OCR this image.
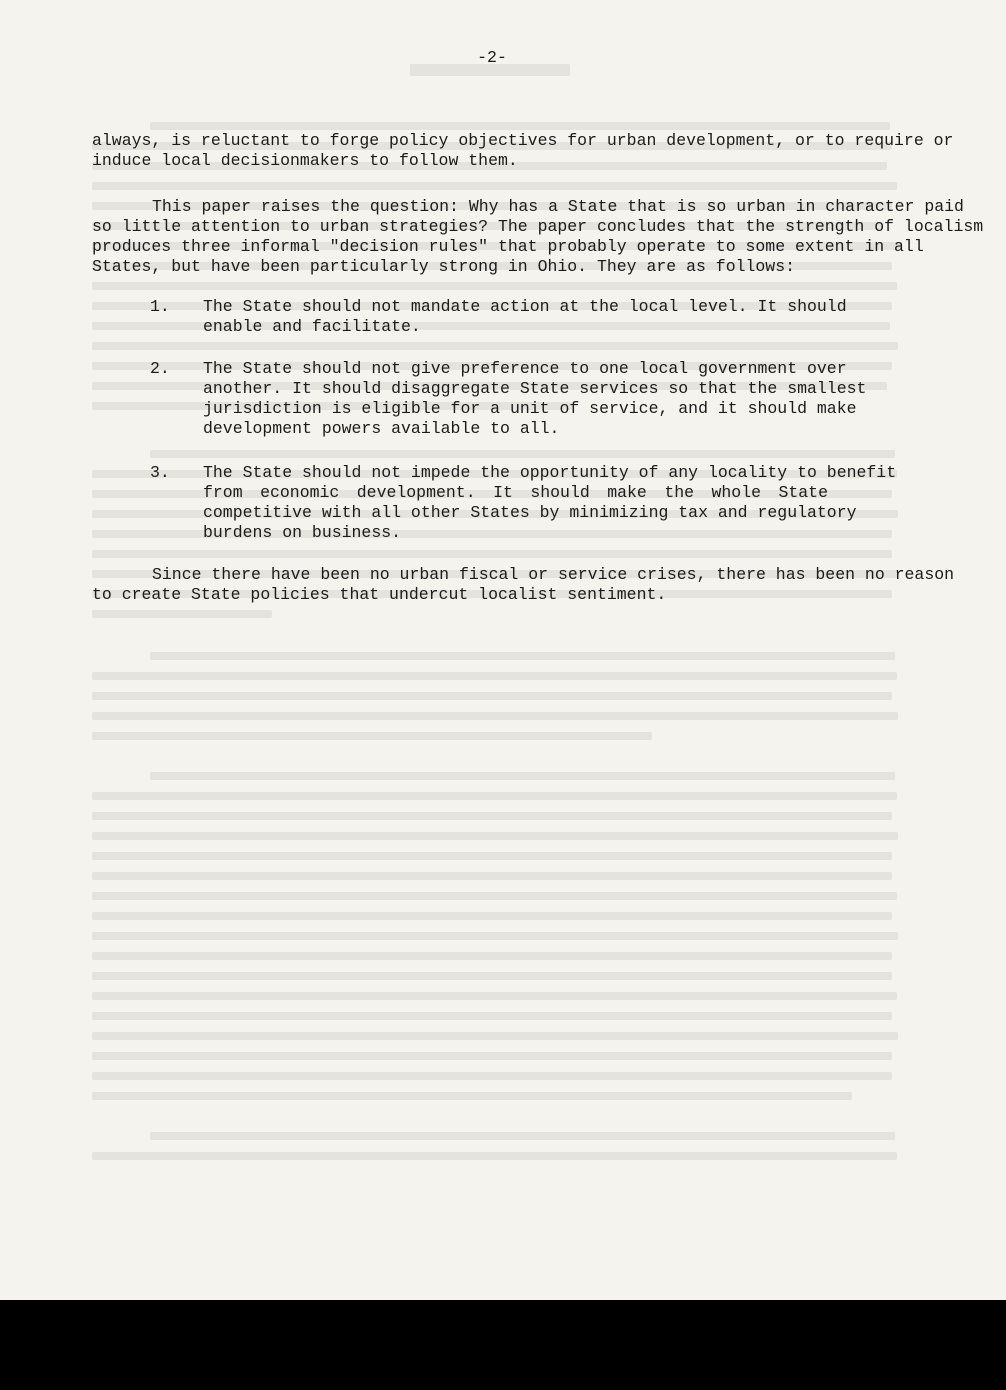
-2-

always, is reluctant to forge policy objectives for urban development, or to require or
induce local decisionmakers to follow them.

This paper raises the question: Why has a State that is so urban in character paid
so little attention to urban strategies? The paper concludes that the strength of localism
produces three informal "decision rules" that probably operate to some extent in all
States, but have been particularly strong in Ohio. They are as follows:

1.	The State should not mandate action at the local level. It should
enable and facilitate.
2.	The State should not give preference to one local government over
another. It should disaggregate State services so that the smallest
jurisdiction is eligible for a unit of service, and it should make
development powers available to all.
3.	The State should not impede the opportunity of any locality to benefit
from economic development. It should make the whole State
competitive with all other States by minimizing tax and regulatory
burdens on business.

Since there have been no urban fiscal or service crises, there has been no reason
to create State policies that undercut localist sentiment.
